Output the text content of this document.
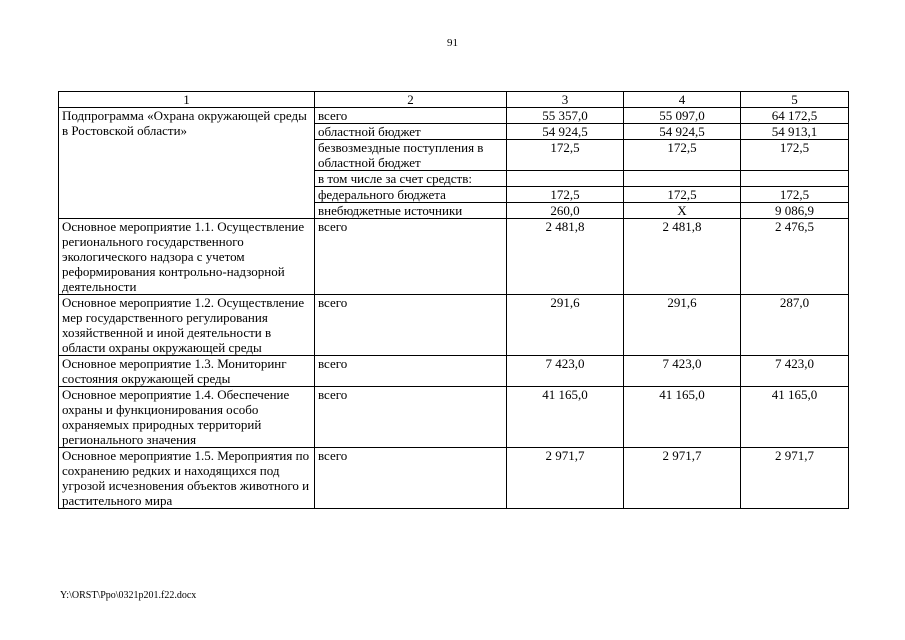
91
1	2	3	4	5
Подпрограмма «Охрана окружающей среды в Ростовской области»	всего	55 357,0	55 097,0	64 172,5
	областной бюджет	54 924,5	54 924,5	54 913,1
	безвозмездные поступления в областной бюджет	172,5	172,5	172,5
	в том числе за счет средств:			
	федерального бюджета	172,5	172,5	172,5
	внебюджетные источники	260,0	Х	9 086,9
Основное мероприятие 1.1. Осуществление регионального государственного экологического надзора с учетом реформирования контрольно-надзорной деятельности	всего	2 481,8	2 481,8	2 476,5
Основное мероприятие 1.2. Осуществление мер государственного регулирования хозяйственной и иной деятельности в области охраны окружающей среды	всего	291,6	291,6	287,0
Основное мероприятие 1.3. Мониторинг состояния окружающей среды	всего	7 423,0	7 423,0	7 423,0
Основное мероприятие 1.4. Обеспечение охраны и функционирования особо охраняемых природных территорий регионального значения	всего	41 165,0	41 165,0	41 165,0
Основное мероприятие 1.5. Мероприятия по сохранению редких и находящихся под угрозой исчезновения объектов животного и растительного мира	всего	2 971,7	2 971,7	2 971,7
Y:\ORST\Ppo\0321p201.f22.docx
